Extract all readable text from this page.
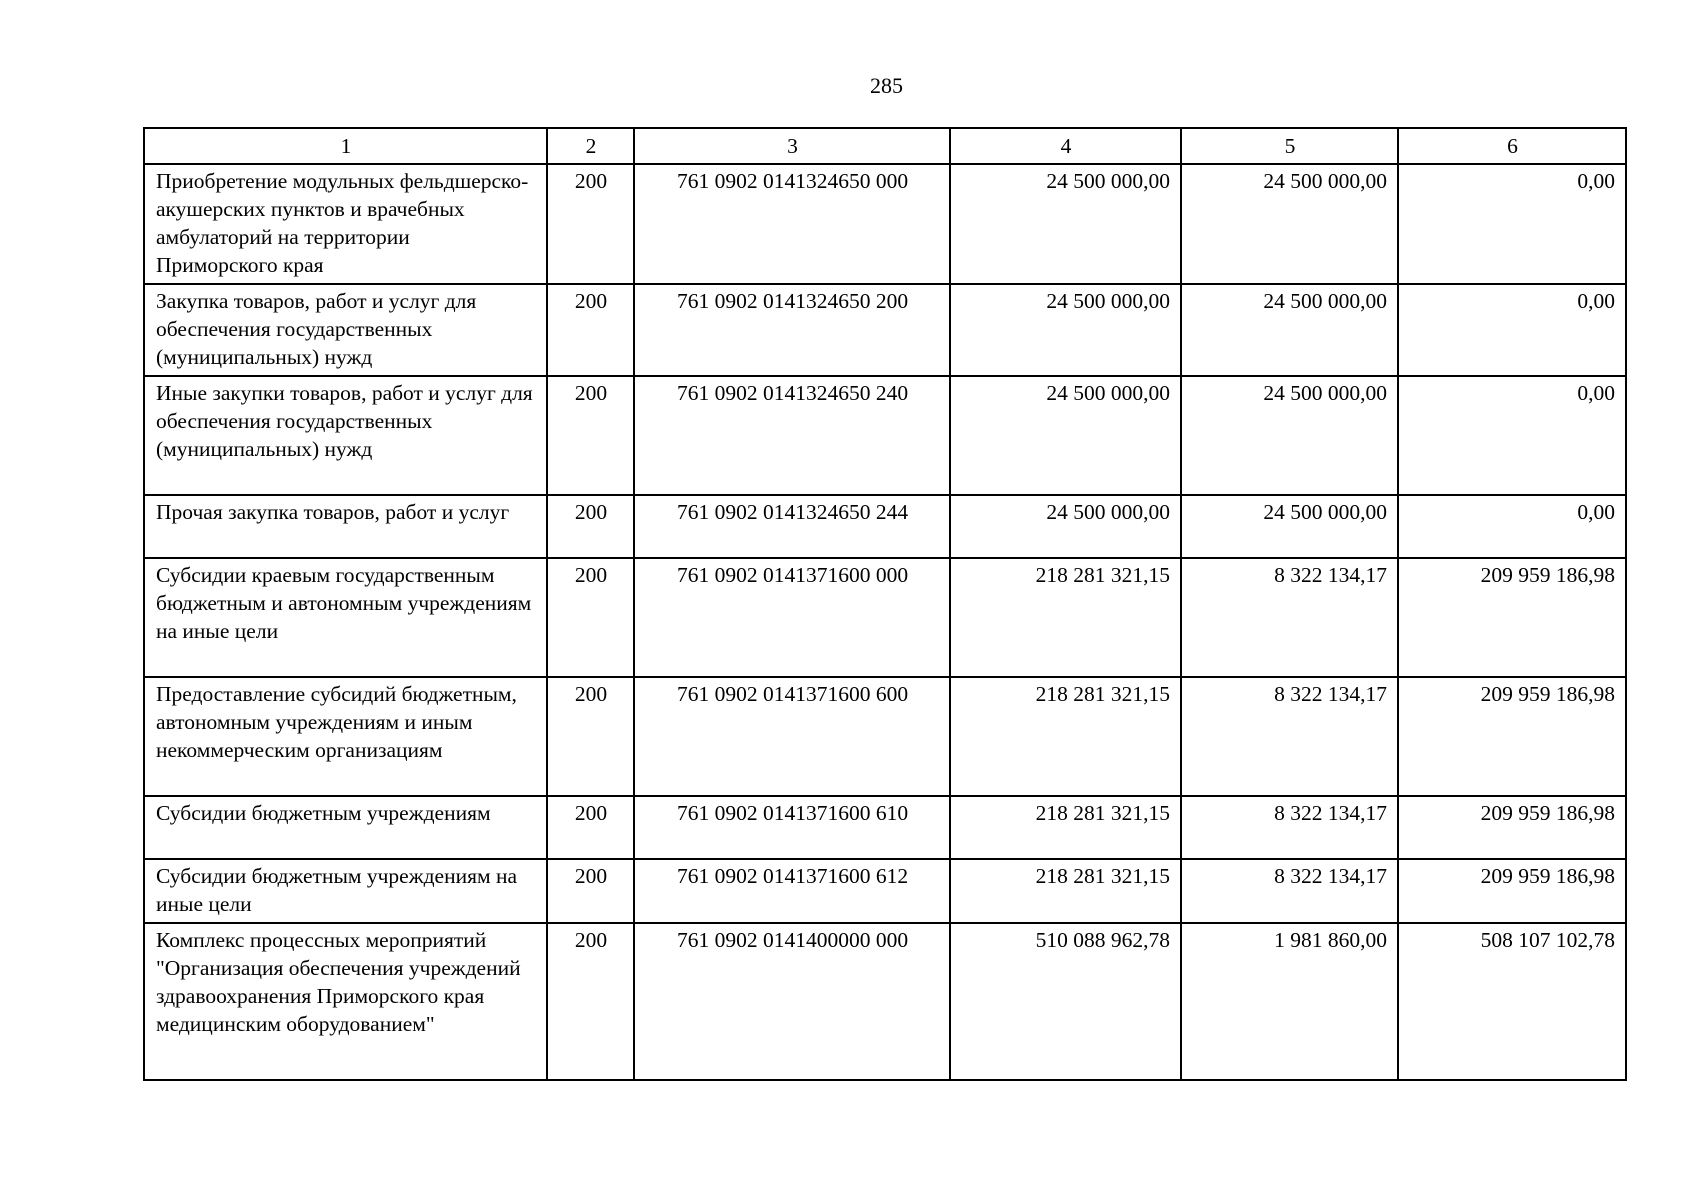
285
1	2	3	4	5	6
Приобретение модульных фельдшерско-акушерских пунктов и врачебных амбулаторий на территории Приморского края	200	761 0902 0141324650 000	24 500 000,00	24 500 000,00	0,00
Закупка товаров, работ и услуг для обеспечения государственных (муниципальных) нужд	200	761 0902 0141324650 200	24 500 000,00	24 500 000,00	0,00
Иные закупки товаров, работ и услуг для обеспечения государственных (муниципальных) нужд	200	761 0902 0141324650 240	24 500 000,00	24 500 000,00	0,00
Прочая закупка товаров, работ и услуг	200	761 0902 0141324650 244	24 500 000,00	24 500 000,00	0,00
Субсидии краевым государственным бюджетным и автономным учреждениям на иные цели	200	761 0902 0141371600 000	218 281 321,15	8 322 134,17	209 959 186,98
Предоставление субсидий бюджетным, автономным учреждениям и иным некоммерческим организациям	200	761 0902 0141371600 600	218 281 321,15	8 322 134,17	209 959 186,98
Субсидии бюджетным учреждениям	200	761 0902 0141371600 610	218 281 321,15	8 322 134,17	209 959 186,98
Субсидии бюджетным учреждениям на иные цели	200	761 0902 0141371600 612	218 281 321,15	8 322 134,17	209 959 186,98
Комплекс процессных мероприятий "Организация обеспечения учреждений здравоохранения Приморского края медицинским оборудованием"	200	761 0902 0141400000 000	510 088 962,78	1 981 860,00	508 107 102,78
